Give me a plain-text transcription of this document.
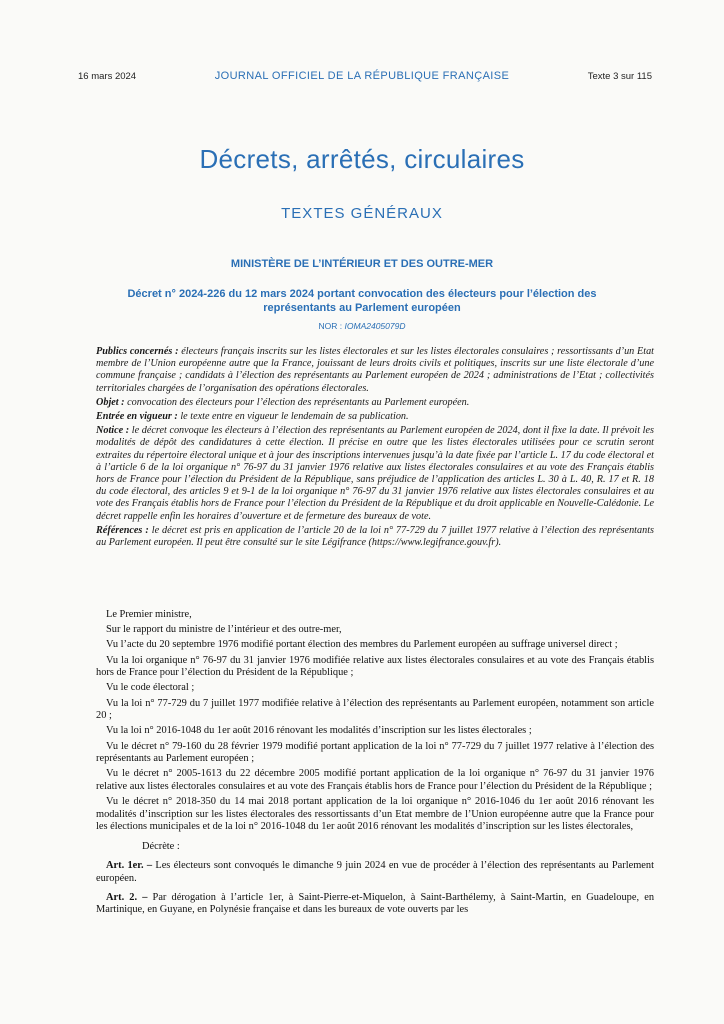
16 mars 2024	JOURNAL OFFICIEL DE LA RÉPUBLIQUE FRANÇAISE	Texte 3 sur 115
Décrets, arrêtés, circulaires
TEXTES GÉNÉRAUX
MINISTÈRE DE L’INTÉRIEUR ET DES OUTRE-MER
Décret n° 2024-226 du 12 mars 2024 portant convocation des électeurs pour l’élection des représentants au Parlement européen
NOR : IOMA2405079D

Publics concernés : électeurs français inscrits sur les listes électorales et sur les listes électorales consulaires ; ressortissants d’un Etat membre de l’Union européenne autre que la France, jouissant de leurs droits civils et politiques, inscrits sur une liste électorale d’une commune française ; candidats à l’élection des représentants au Parlement européen de 2024 ; administrations de l’Etat ; collectivités territoriales chargées de l’organisation des opérations électorales.

Objet : convocation des électeurs pour l’élection des représentants au Parlement européen.

Entrée en vigueur : le texte entre en vigueur le lendemain de sa publication.

Notice : le décret convoque les électeurs à l’élection des représentants au Parlement européen de 2024, dont il fixe la date. Il prévoit les modalités de dépôt des candidatures à cette élection. Il précise en outre que les listes électorales utilisées pour ce scrutin seront extraites du répertoire électoral unique et à jour des inscriptions intervenues jusqu’à la date fixée par l’article L. 17 du code électoral et à l’article 6 de la loi organique n° 76-97 du 31 janvier 1976 relative aux listes électorales consulaires et au vote des Français établis hors de France pour l’élection du Président de la République, sans préjudice de l’application des articles L. 30 à L. 40, R. 17 et R. 18 du code électoral, des articles 9 et 9-1 de la loi organique n° 76-97 du 31 janvier 1976 relative aux listes électorales consulaires et au vote des Français établis hors de France pour l’élection du Président de la République et du droit applicable en Nouvelle-Calédonie. Le décret rappelle enfin les horaires d’ouverture et de fermeture des bureaux de vote.

Références : le décret est pris en application de l’article 20 de la loi n° 77-729 du 7 juillet 1977 relative à l’élection des représentants au Parlement européen. Il peut être consulté sur le site Légifrance (https://www.legifrance.gouv.fr).

Le Premier ministre,

Sur le rapport du ministre de l’intérieur et des outre-mer,

Vu l’acte du 20 septembre 1976 modifié portant élection des membres du Parlement européen au suffrage universel direct ;

Vu la loi organique n° 76-97 du 31 janvier 1976 modifiée relative aux listes électorales consulaires et au vote des Français établis hors de France pour l’élection du Président de la République ;

Vu le code électoral ;

Vu la loi n° 77-729 du 7 juillet 1977 modifiée relative à l’élection des représentants au Parlement européen, notamment son article 20 ;

Vu la loi n° 2016-1048 du 1er août 2016 rénovant les modalités d’inscription sur les listes électorales ;

Vu le décret n° 79-160 du 28 février 1979 modifié portant application de la loi n° 77-729 du 7 juillet 1977 relative à l’élection des représentants au Parlement européen ;

Vu le décret n° 2005-1613 du 22 décembre 2005 modifié portant application de la loi organique n° 76-97 du 31 janvier 1976 relative aux listes électorales consulaires et au vote des Français établis hors de France pour l’élection du Président de la République ;

Vu le décret n° 2018-350 du 14 mai 2018 portant application de la loi organique n° 2016-1046 du 1er août 2016 rénovant les modalités d’inscription sur les listes électorales des ressortissants d’un Etat membre de l’Union européenne autre que la France pour les élections municipales et de la loi n° 2016-1048 du 1er août 2016 rénovant les modalités d’inscription sur les listes électorales,

Décrète :

Art. 1er. – Les électeurs sont convoqués le dimanche 9 juin 2024 en vue de procéder à l’élection des représentants au Parlement européen.

Art. 2. – Par dérogation à l’article 1er, à Saint-Pierre-et-Miquelon, à Saint-Barthélemy, à Saint-Martin, en Guadeloupe, en Martinique, en Guyane, en Polynésie française et dans les bureaux de vote ouverts par les
